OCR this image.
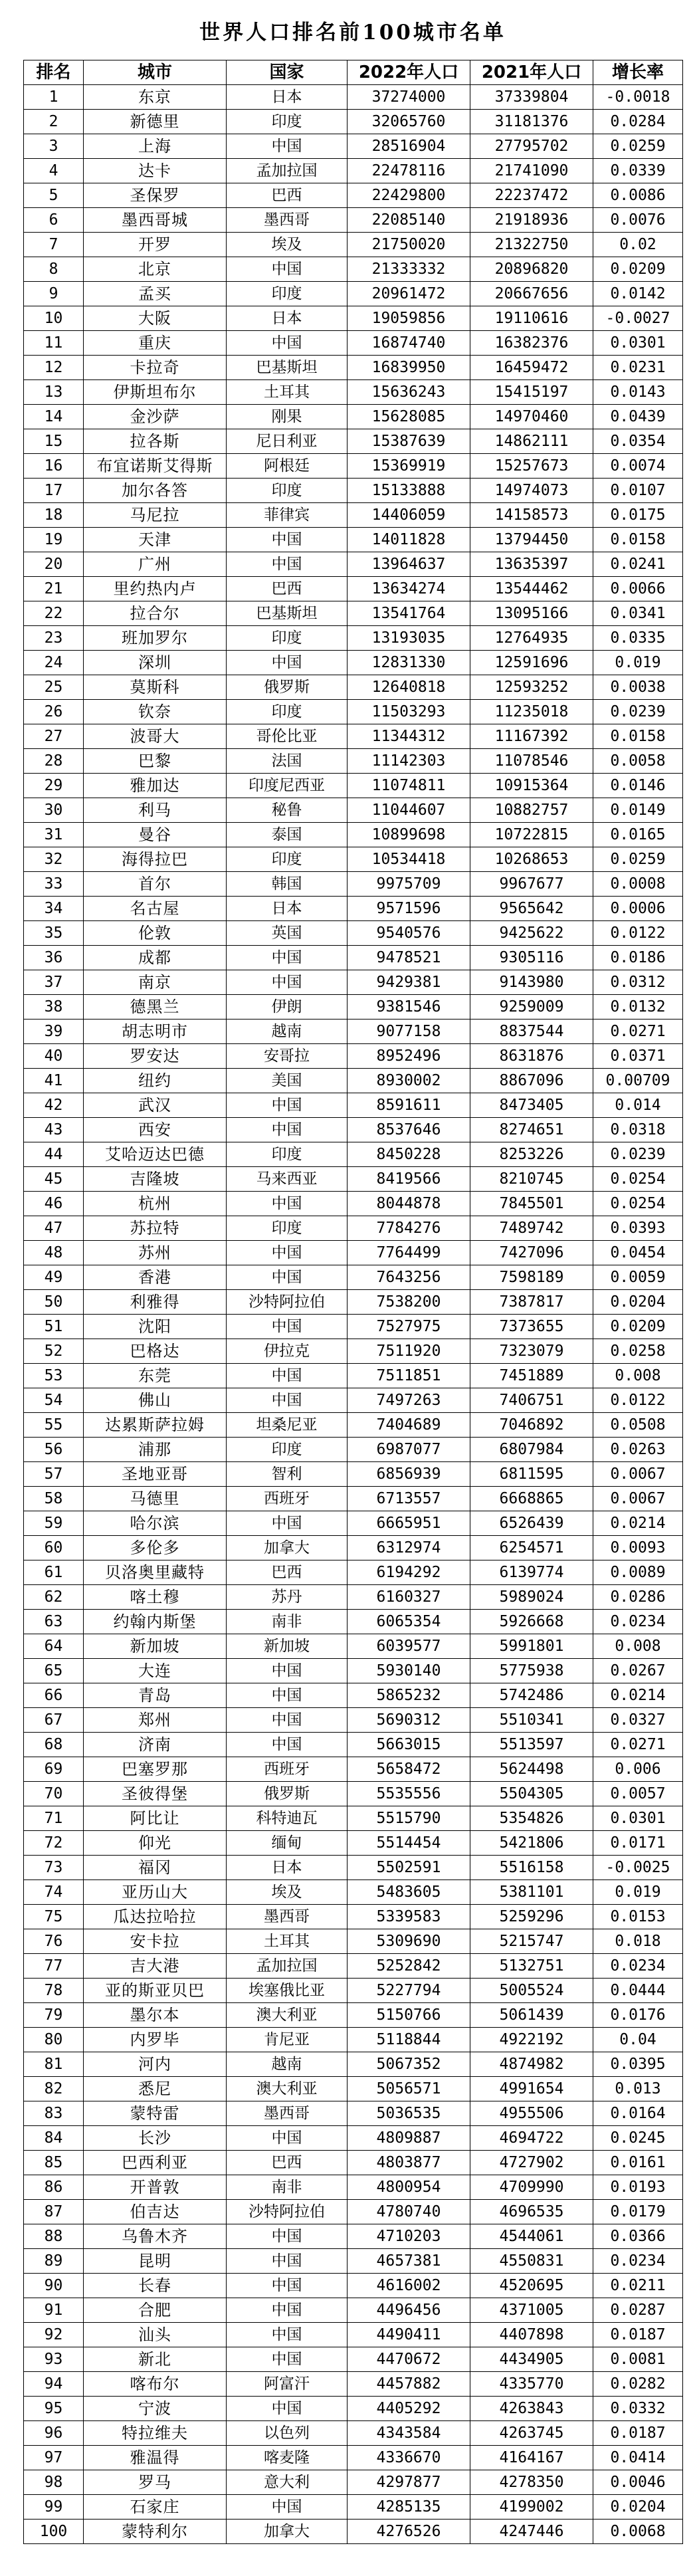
世界人口排名前100城市名单
排名	城市	国家	2022年人口	2021年人口	增长率
1	东京	日本	37274000	37339804	-0.0018
2	新德里	印度	32065760	31181376	0.0284
3	上海	中国	28516904	27795702	0.0259
4	达卡	孟加拉国	22478116	21741090	0.0339
5	圣保罗	巴西	22429800	22237472	0.0086
6	墨西哥城	墨西哥	22085140	21918936	0.0076
7	开罗	埃及	21750020	21322750	0.02
8	北京	中国	21333332	20896820	0.0209
9	孟买	印度	20961472	20667656	0.0142
10	大阪	日本	19059856	19110616	-0.0027
11	重庆	中国	16874740	16382376	0.0301
12	卡拉奇	巴基斯坦	16839950	16459472	0.0231
13	伊斯坦布尔	土耳其	15636243	15415197	0.0143
14	金沙萨	刚果	15628085	14970460	0.0439
15	拉各斯	尼日利亚	15387639	14862111	0.0354
16	布宜诺斯艾得斯	阿根廷	15369919	15257673	0.0074
17	加尔各答	印度	15133888	14974073	0.0107
18	马尼拉	菲律宾	14406059	14158573	0.0175
19	天津	中国	14011828	13794450	0.0158
20	广州	中国	13964637	13635397	0.0241
21	里约热内卢	巴西	13634274	13544462	0.0066
22	拉合尔	巴基斯坦	13541764	13095166	0.0341
23	班加罗尔	印度	13193035	12764935	0.0335
24	深圳	中国	12831330	12591696	0.019
25	莫斯科	俄罗斯	12640818	12593252	0.0038
26	钦奈	印度	11503293	11235018	0.0239
27	波哥大	哥伦比亚	11344312	11167392	0.0158
28	巴黎	法国	11142303	11078546	0.0058
29	雅加达	印度尼西亚	11074811	10915364	0.0146
30	利马	秘鲁	11044607	10882757	0.0149
31	曼谷	泰国	10899698	10722815	0.0165
32	海得拉巴	印度	10534418	10268653	0.0259
33	首尔	韩国	9975709	9967677	0.0008
34	名古屋	日本	9571596	9565642	0.0006
35	伦敦	英国	9540576	9425622	0.0122
36	成都	中国	9478521	9305116	0.0186
37	南京	中国	9429381	9143980	0.0312
38	德黑兰	伊朗	9381546	9259009	0.0132
39	胡志明市	越南	9077158	8837544	0.0271
40	罗安达	安哥拉	8952496	8631876	0.0371
41	纽约	美国	8930002	8867096	0.00709
42	武汉	中国	8591611	8473405	0.014
43	西安	中国	8537646	8274651	0.0318
44	艾哈迈达巴德	印度	8450228	8253226	0.0239
45	吉隆坡	马来西亚	8419566	8210745	0.0254
46	杭州	中国	8044878	7845501	0.0254
47	苏拉特	印度	7784276	7489742	0.0393
48	苏州	中国	7764499	7427096	0.0454
49	香港	中国	7643256	7598189	0.0059
50	利雅得	沙特阿拉伯	7538200	7387817	0.0204
51	沈阳	中国	7527975	7373655	0.0209
52	巴格达	伊拉克	7511920	7323079	0.0258
53	东莞	中国	7511851	7451889	0.008
54	佛山	中国	7497263	7406751	0.0122
55	达累斯萨拉姆	坦桑尼亚	7404689	7046892	0.0508
56	浦那	印度	6987077	6807984	0.0263
57	圣地亚哥	智利	6856939	6811595	0.0067
58	马德里	西班牙	6713557	6668865	0.0067
59	哈尔滨	中国	6665951	6526439	0.0214
60	多伦多	加拿大	6312974	6254571	0.0093
61	贝洛奥里藏特	巴西	6194292	6139774	0.0089
62	喀土穆	苏丹	6160327	5989024	0.0286
63	约翰内斯堡	南非	6065354	5926668	0.0234
64	新加坡	新加坡	6039577	5991801	0.008
65	大连	中国	5930140	5775938	0.0267
66	青岛	中国	5865232	5742486	0.0214
67	郑州	中国	5690312	5510341	0.0327
68	济南	中国	5663015	5513597	0.0271
69	巴塞罗那	西班牙	5658472	5624498	0.006
70	圣彼得堡	俄罗斯	5535556	5504305	0.0057
71	阿比让	科特迪瓦	5515790	5354826	0.0301
72	仰光	缅甸	5514454	5421806	0.0171
73	福冈	日本	5502591	5516158	-0.0025
74	亚历山大	埃及	5483605	5381101	0.019
75	瓜达拉哈拉	墨西哥	5339583	5259296	0.0153
76	安卡拉	土耳其	5309690	5215747	0.018
77	吉大港	孟加拉国	5252842	5132751	0.0234
78	亚的斯亚贝巴	埃塞俄比亚	5227794	5005524	0.0444
79	墨尔本	澳大利亚	5150766	5061439	0.0176
80	内罗毕	肯尼亚	5118844	4922192	0.04
81	河内	越南	5067352	4874982	0.0395
82	悉尼	澳大利亚	5056571	4991654	0.013
83	蒙特雷	墨西哥	5036535	4955506	0.0164
84	长沙	中国	4809887	4694722	0.0245
85	巴西利亚	巴西	4803877	4727902	0.0161
86	开普敦	南非	4800954	4709990	0.0193
87	伯吉达	沙特阿拉伯	4780740	4696535	0.0179
88	乌鲁木齐	中国	4710203	4544061	0.0366
89	昆明	中国	4657381	4550831	0.0234
90	长春	中国	4616002	4520695	0.0211
91	合肥	中国	4496456	4371005	0.0287
92	汕头	中国	4490411	4407898	0.0187
93	新北	中国	4470672	4434905	0.0081
94	喀布尔	阿富汗	4457882	4335770	0.0282
95	宁波	中国	4405292	4263843	0.0332
96	特拉维夫	以色列	4343584	4263745	0.0187
97	雅温得	喀麦隆	4336670	4164167	0.0414
98	罗马	意大利	4297877	4278350	0.0046
99	石家庄	中国	4285135	4199002	0.0204
100	蒙特利尔	加拿大	4276526	4247446	0.0068
